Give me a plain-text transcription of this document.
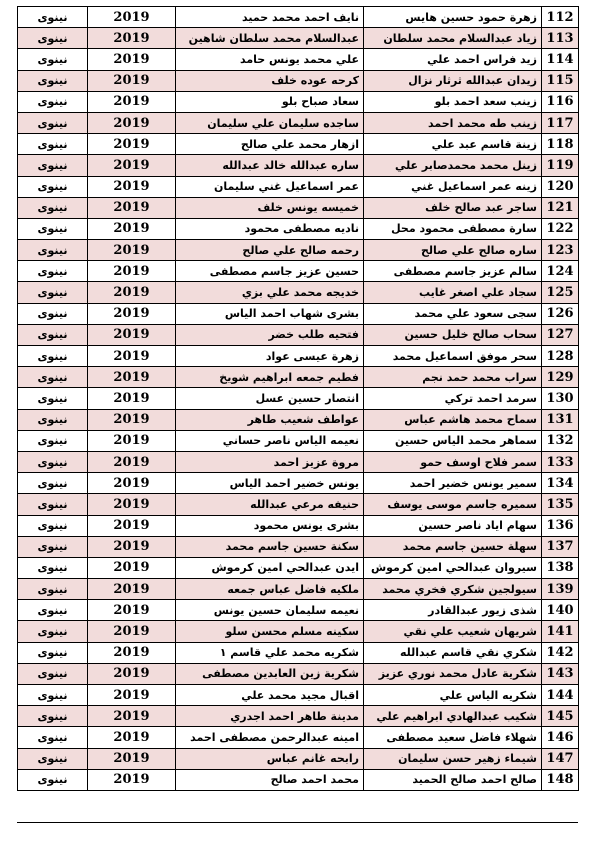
112	زهرة حمود حسين هايس	نايف احمد محمد حميد	2019	نينوى
113	زياد عبدالسلام محمد سلطان	عبدالسلام محمد سلطان شاهين	2019	نينوى
114	زيد فراس احمد علي	علي محمد يونس حامد	2019	نينوى
115	زيدان عبدالله ثرثار نزال	كرحه عوده خلف	2019	نينوى
116	زينب سعد احمد بلو	سعاد صباح بلو	2019	نينوى
117	زينب طه محمد احمد	ساجده سليمان علي سليمان	2019	نينوى
118	زينة قاسم عبد علي	ازهار محمد علي صالح	2019	نينوى
119	زينل محمد محمدصابر علي	ساره عبدالله خالد عبدالله	2019	نينوى
120	زينه عمر اسماعيل غني	عمر اسماعيل غني سليمان	2019	نينوى
121	ساجر عبد صالح خلف	خميسه يونس خلف	2019	نينوى
122	سارة مصطفى محمود محل	ناديه مصطفى محمود	2019	نينوى
123	ساره صالح علي صالح	رحمه صالح علي صالح	2019	نينوى
124	سالم عزيز جاسم مصطفى	حسين عزيز جاسم مصطفى	2019	نينوى
125	سجاد علي اصغر غايب	خديجه محمد علي بزي	2019	نينوى
126	سجى سعود علي محمد	بشرى شهاب احمد الياس	2019	نينوى
127	سحاب صالح خليل حسين	فتحيه طلب خضر	2019	نينوى
128	سحر موفق اسماعيل محمد	زهرة عيسى عواد	2019	نينوى
129	سراب محمد حمد نجم	فطيم جمعه ابراهيم شويخ	2019	نينوى
130	سرمد احمد تركي	انتصار حسين عسل	2019	نينوى
131	سماح محمد هاشم عباس	عواطف شعيب طاهر	2019	نينوى
132	سماهر محمد الياس حسين	نعيمه الياس ناصر حساني	2019	نينوى
133	سمر فلاح اوسف حمو	مروة عزيز احمد	2019	نينوى
134	سمير يونس خضير احمد	يونس خضير احمد الياس	2019	نينوى
135	سميره جاسم موسى يوسف	حنيفه مرعي عبدالله	2019	نينوى
136	سهام اياد ناصر حسين	بشرى يونس محمود	2019	نينوى
137	سهلة حسين جاسم محمد	سكنة حسين جاسم محمد	2019	نينوى
138	سيروان عبدالحي امين كرموش	ايدن عبدالحي امين كرموش	2019	نينوى
139	سيولجين شكري فخري محمد	ملكيه فاضل عباس جمعه	2019	نينوى
140	شذى زيور عبدالقادر	نعيمه سليمان حسين يونس	2019	نينوى
141	شريهان شعيب علي نقي	سكينه مسلم محسن سلو	2019	نينوى
142	شكري نقي قاسم عبدالله	شكريه محمد علي قاسم ١	2019	نينوى
143	شكرية عادل محمد نوري عزيز	شكرية زين العابدين مصطفى	2019	نينوى
144	شكريه الياس علي	اقبال مجيد محمد علي	2019	نينوى
145	شكيب عبدالهادي ابراهيم علي	مدينة طاهر احمد اجدري	2019	نينوى
146	شهلاء فاضل سعيد مصطفى	امينه عبدالرحمن مصطفى احمد	2019	نينوى
147	شيماء زهير حسن سليمان	رابحه غانم عباس	2019	نينوى
148	صالح احمد صالح الحميد	محمد احمد صالح	2019	نينوى
